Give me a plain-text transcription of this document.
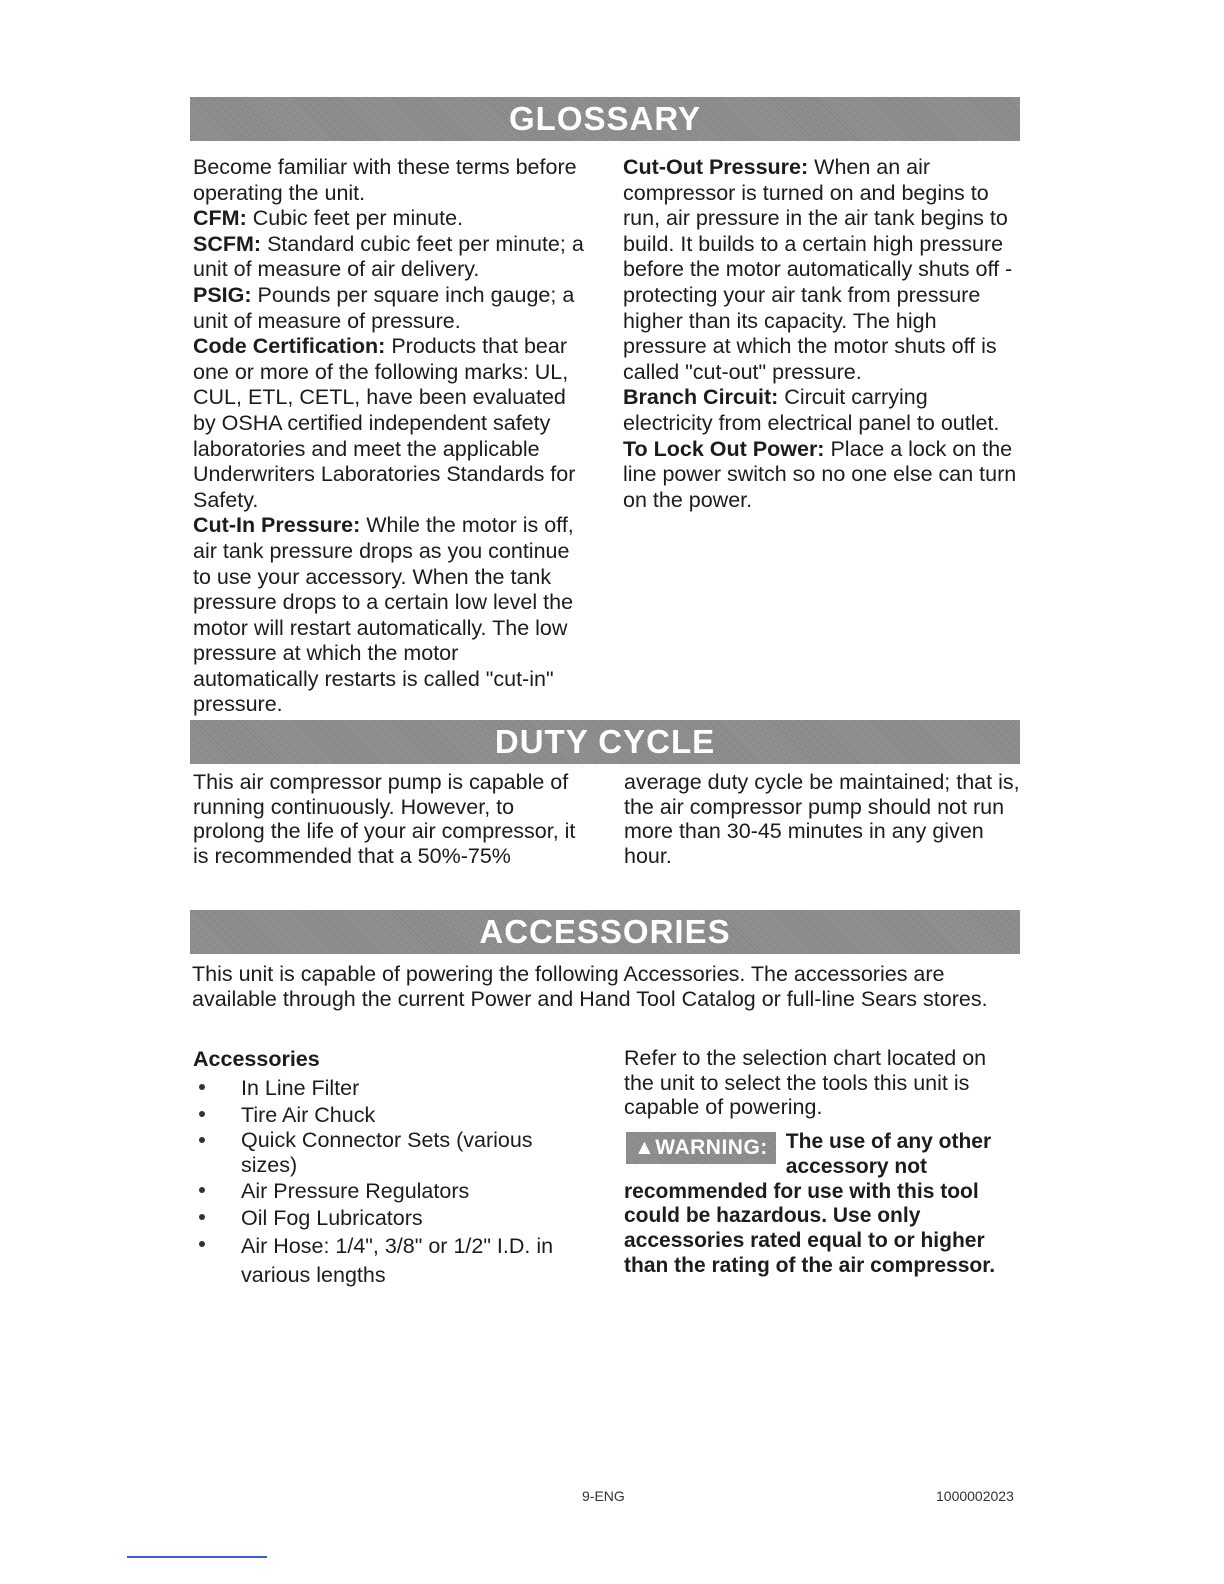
GLOSSARY

Become familiar with these terms before operating the unit.

CFM: Cubic feet per minute.

SCFM: Standard cubic feet per minute; a unit of measure of air delivery.

PSIG: Pounds per square inch gauge; a unit of measure of pressure.

Code Certification: Products that bear one or more of the following marks: UL, CUL, ETL, CETL, have been evaluated by OSHA certified independent safety laboratories and meet the applicable Underwriters Laboratories Standards for Safety.

Cut-In Pressure: While the motor is off, air tank pressure drops as you continue to use your accessory. When the tank pressure drops to a certain low level the motor will restart automatically. The low pressure at which the motor automatically restarts is called "cut-in" pressure.

Cut-Out Pressure: When an air compressor is turned on and begins to run, air pressure in the air tank begins to build. It builds to a certain high pressure before the motor automatically shuts off - protecting your air tank from pressure higher than its capacity. The high pressure at which the motor shuts off is called "cut-out" pressure.

Branch Circuit: Circuit carrying electricity from electrical panel to outlet.

To Lock Out Power: Place a lock on the line power switch so no one else can turn on the power.

DUTY CYCLE

This air compressor pump is capable of running continuously. However, to prolong the life of your air compressor, it is recommended that a 50%-75% average duty cycle be maintained; that is, the air compressor pump should not run more than 30-45 minutes in any given hour.

ACCESSORIES

This unit is capable of powering the following Accessories. The accessories are available through the current Power and Hand Tool Catalog or full-line Sears stores.

Accessories

In Line Filter
Tire Air Chuck
Quick Connector Sets (various sizes)
Air Pressure Regulators
Oil Fog Lubricators
Air Hose: 1/4", 3/8" or 1/2" I.D. in various lengths

Refer to the selection chart located on the unit to select the tools this unit is capable of powering.

▲WARNING: The use of any other accessory not recommended for use with this tool could be hazardous. Use only accessories rated equal to or higher than the rating of the air compressor.

9-ENG	1000002023
